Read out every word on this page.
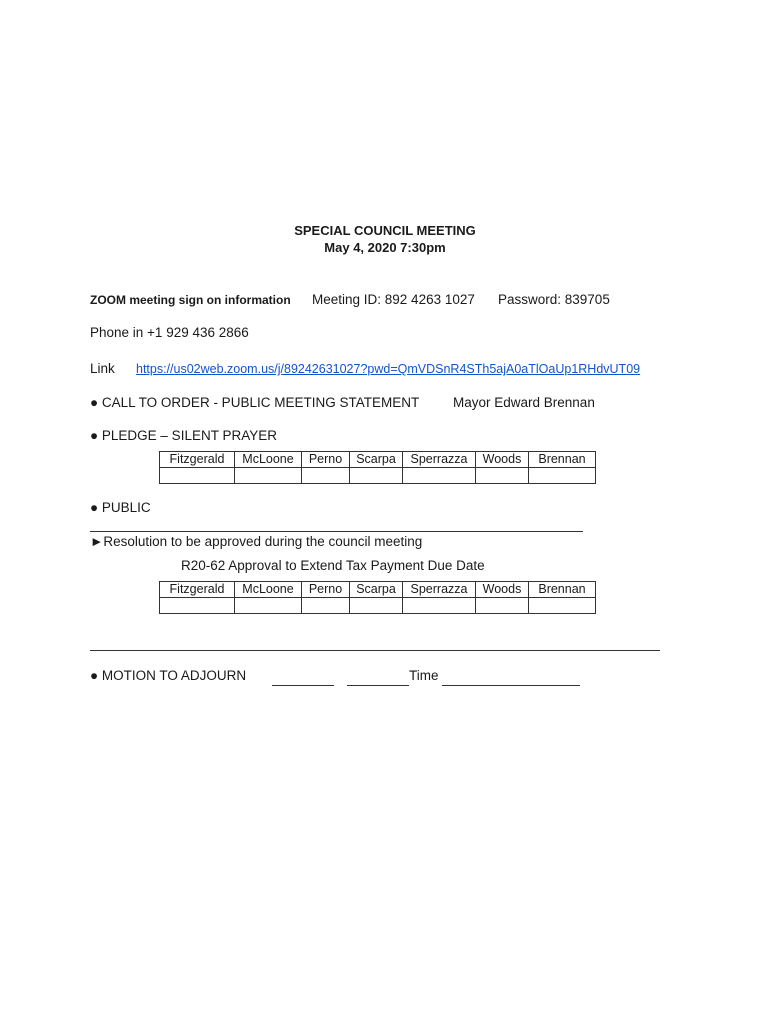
SPECIAL COUNCIL MEETING
May 4, 2020 7:30pm
ZOOM meeting sign on information Meeting ID: 892 4263 1027 Password: 839705
Phone in +1 929 436 2866
Link https://us02web.zoom.us/j/89242631027?pwd=QmVDSnR4STh5ajA0aTlOaUp1RHdvUT09
● CALL TO ORDER - PUBLIC MEETING STATEMENT	Mayor Edward Brennan
● PLEDGE – SILENT PRAYER
Fitzgerald	McLoone	Perno	Scarpa	Sperrazza	Woods	Brennan

● PUBLIC
►Resolution to be approved during the council meeting
R20-62 Approval to Extend Tax Payment Due Date
Fitzgerald	McLoone	Perno	Scarpa	Sperrazza	Woods	Brennan

● MOTION TO ADJOURN
	Time
